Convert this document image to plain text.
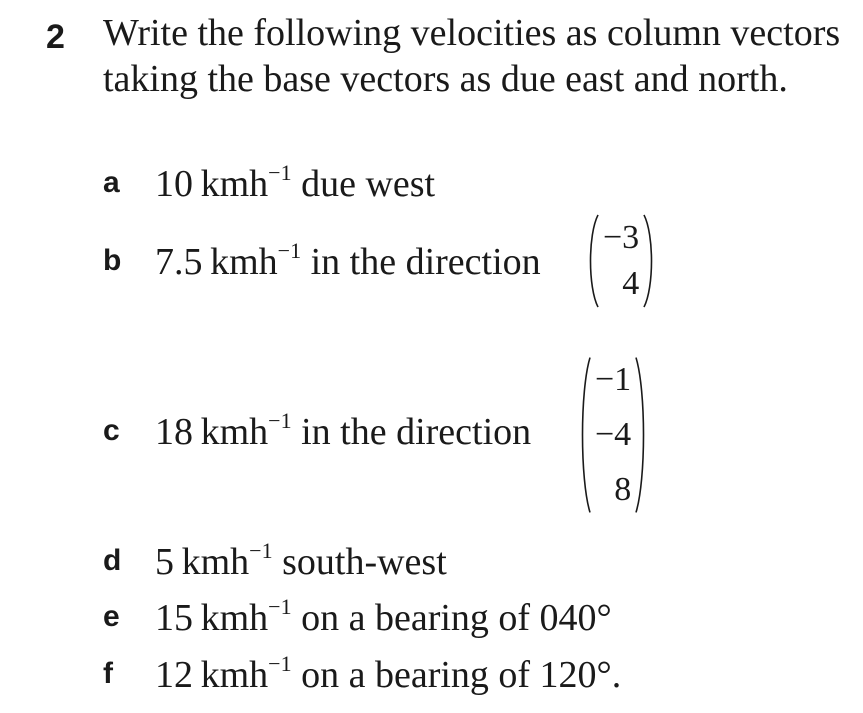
2 Write the following velocities as column vectors taking the base vectors as due east and north.

a 10  kmh$^{-1}$ due west
b 7.5  kmh$^{-1}$ in the direction
−3
4
c 18  kmh$^{-1}$ in the direction
−1
−4
8
d 5  kmh$^{-1}$ south-west
e 15  kmh$^{-1}$ on a bearing of 040°
f	12  kmh$^{-1}$ on a bearing of 120°.
